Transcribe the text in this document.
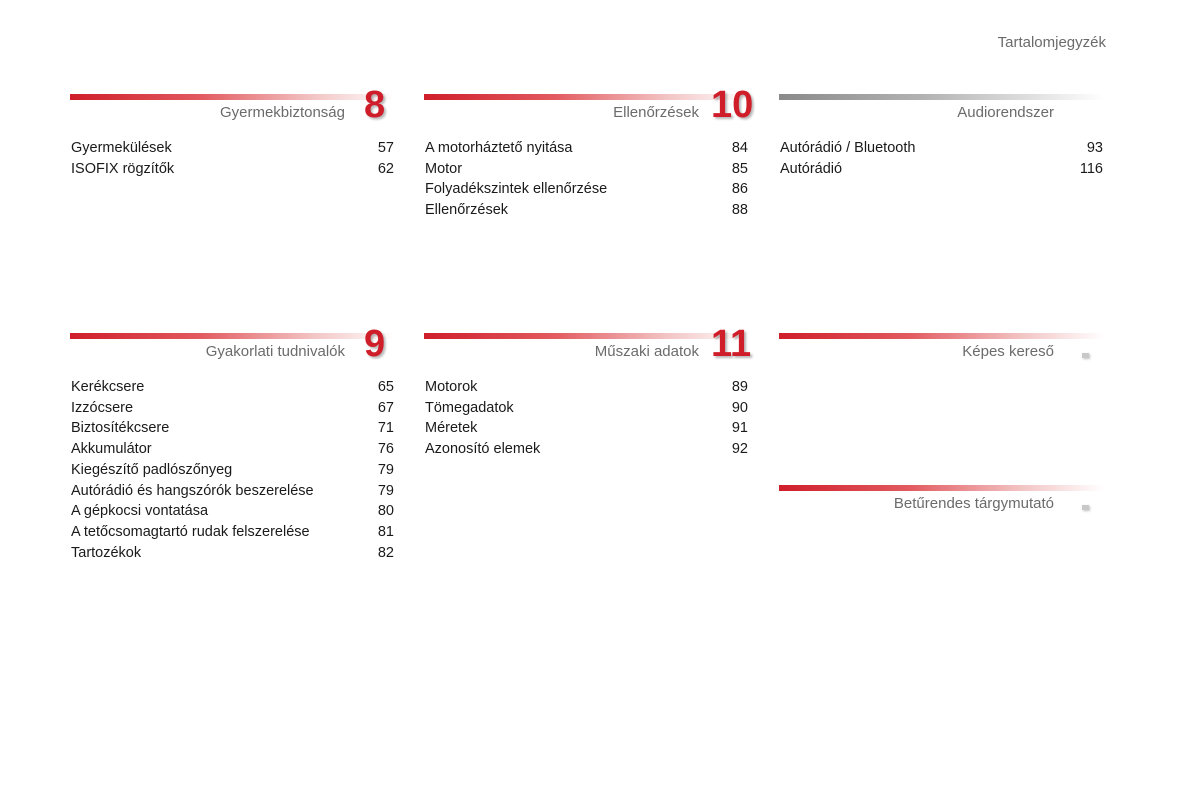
Tartalomjegyzék
Gyermekbiztonság 8
Gyermekülések	57
ISOFIX rögzítők	62
Ellenőrzések 10
A motorháztető nyitása	84
Motor	85
Folyadékszintek ellenőrzése	86
Ellenőrzések	88
Audiorendszer
Autórádió / Bluetooth	93
Autórádió	116
Gyakorlati tudnivalók 9
Kerékcsere	65
Izzócsere	67
Biztosítékcsere	71
Akkumulátor	76
Kiegészítő padlószőnyeg	79
Autórádió és hangszórók beszerelése	79
A gépkocsi vontatása	80
A tetőcsomagtartó rudak felszerelése	81
Tartozékok	82
Műszaki adatok 11
Motorok	89
Tömegadatok	90
Méretek	91
Azonosító elemek	92
Képes kereső
Betűrendes tárgymutató
